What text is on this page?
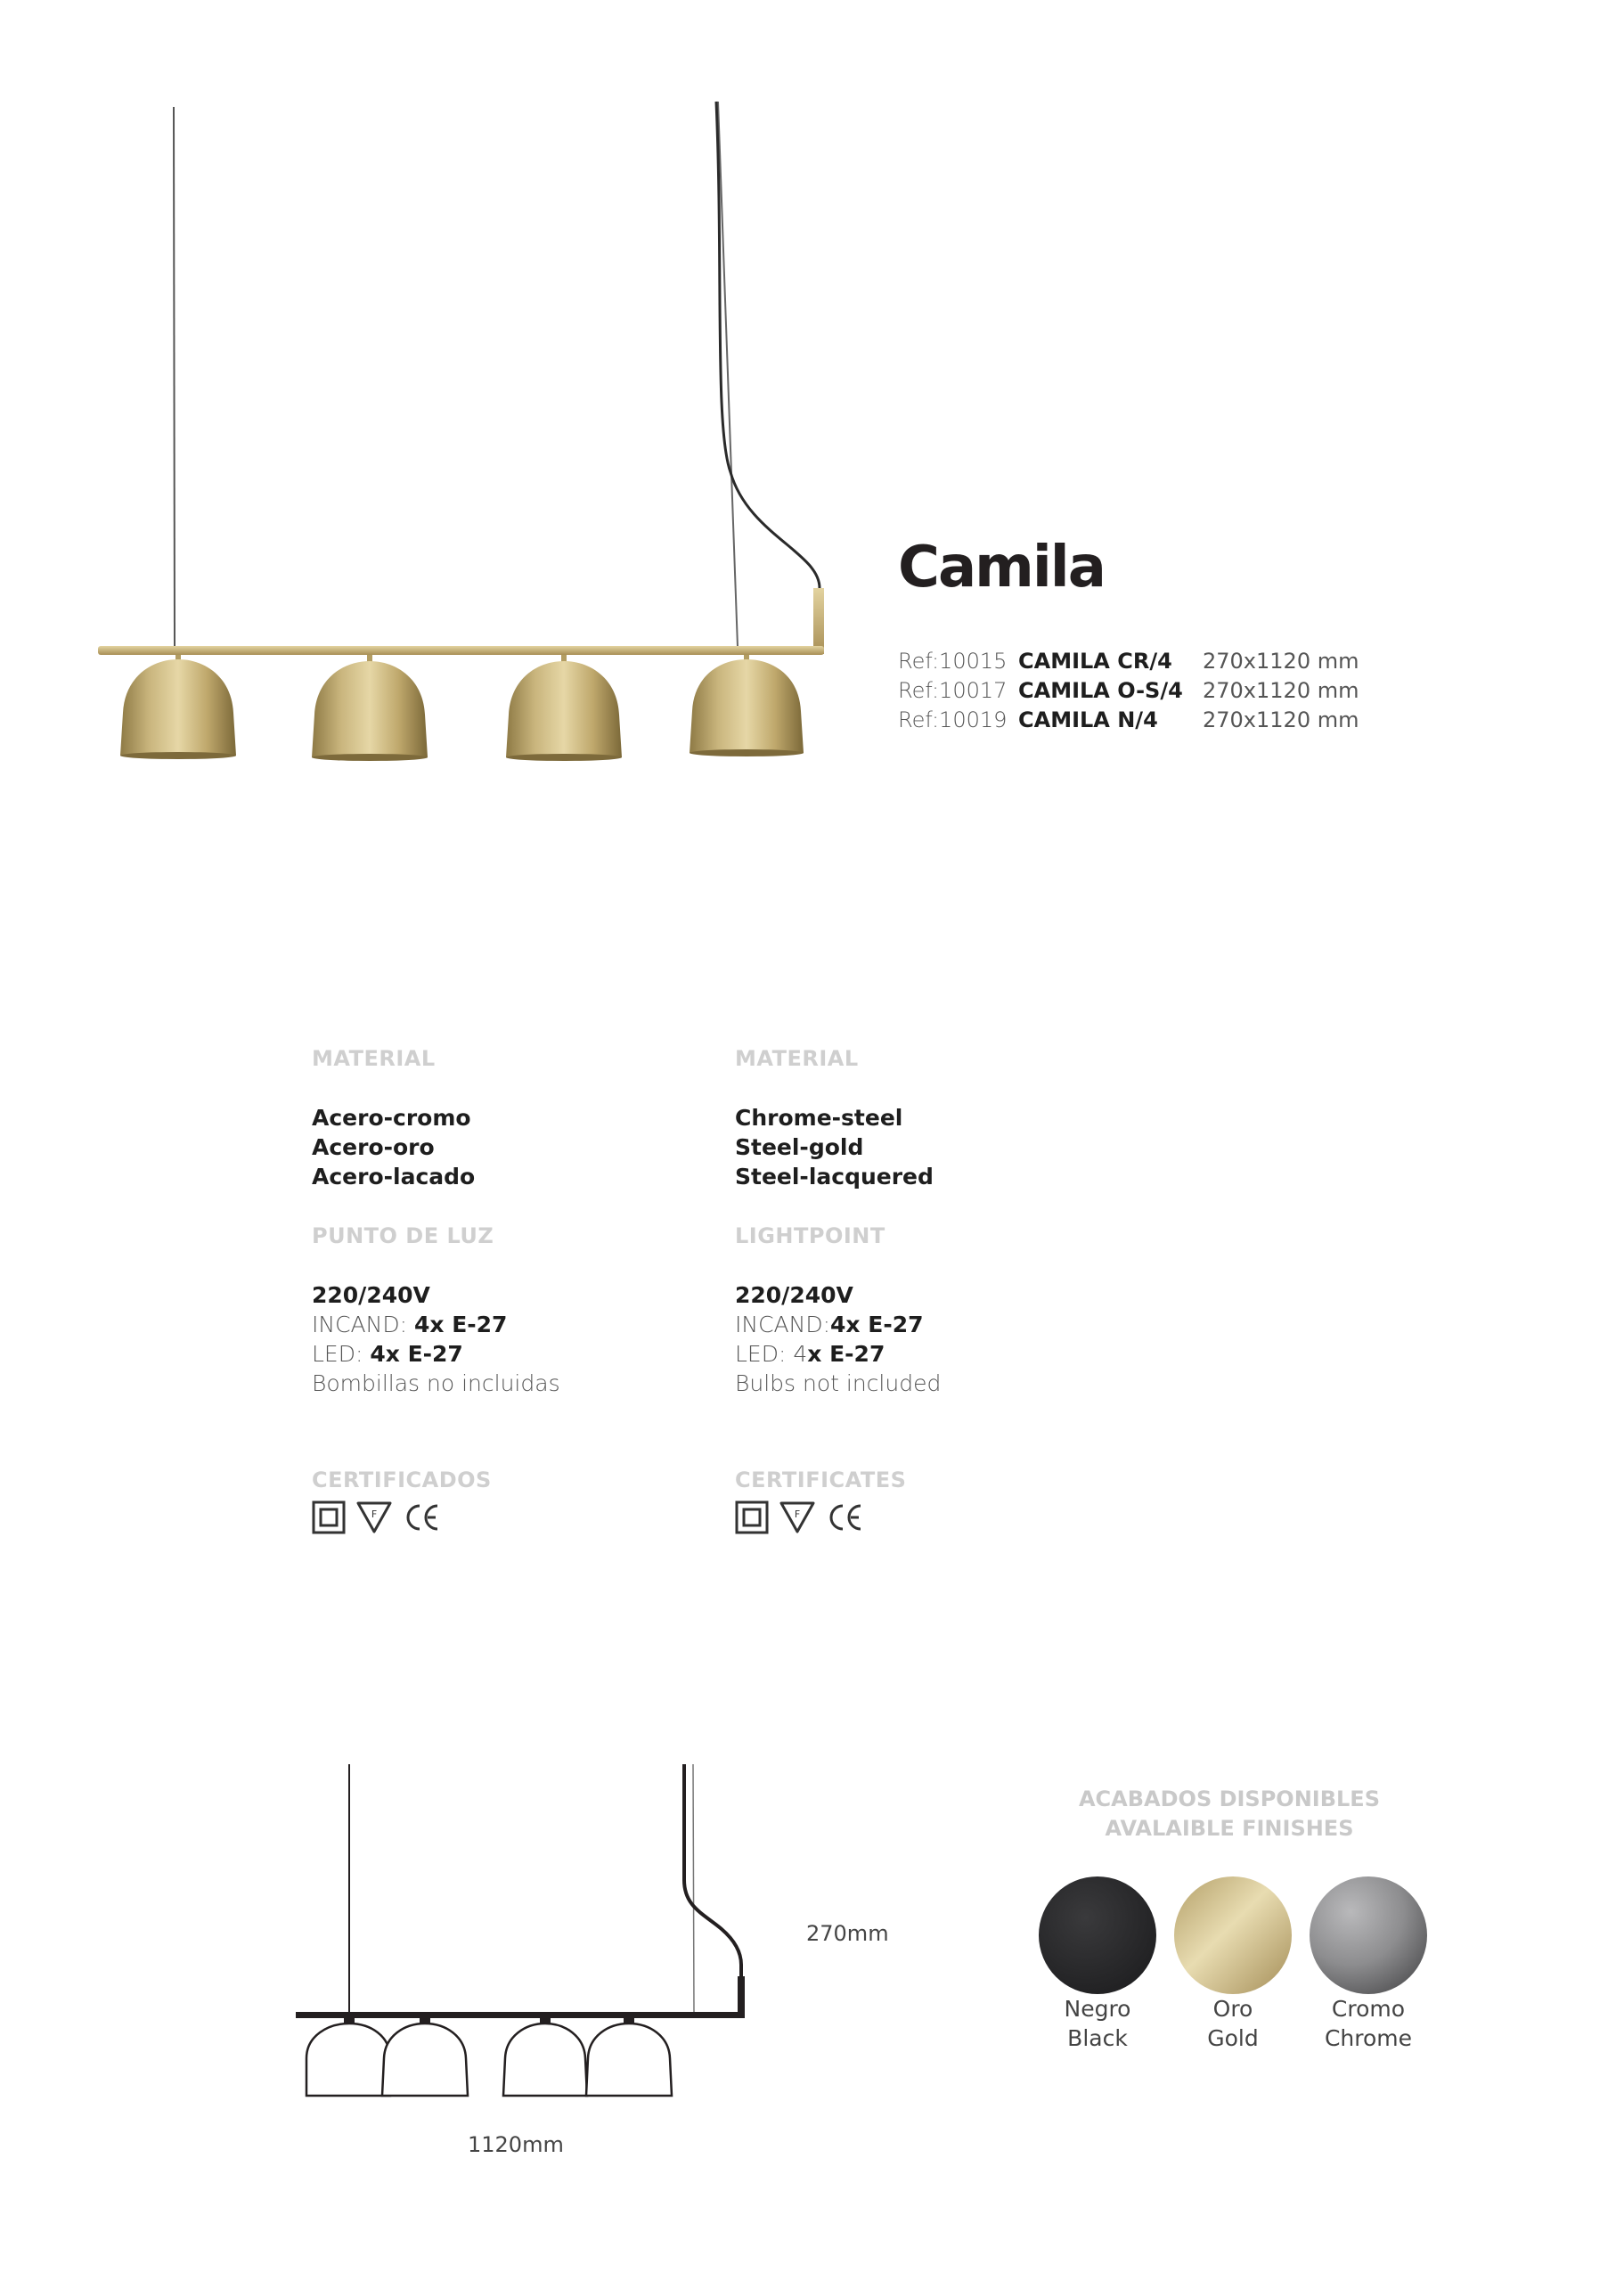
Camila
Ref:10015 CAMILA CR/4 270x1120 mm
Ref:10017 CAMILA O-S/4 270x1120 mm
Ref:10019 CAMILA N/4 270x1120 mm
MATERIAL
Acero-cromo
Acero-oro
Acero-lacado
PUNTO DE LUZ
220/240V
INCAND: 4x E-27
LED: 4x E-27
Bombillas no incluidas
CERTIFICADOS
F
MATERIAL
Chrome-steel
Steel-gold
Steel-lacquered
LIGHTPOINT
220/240V
INCAND:4x E-27
LED: 4x E-27
Bulbs not included
CERTIFICATES
F
270mm
1120mm
ACABADOS DISPONIBLES
AVALAIBLE FINISHES
Negro
Black
Oro
Gold
Cromo
Chrome
